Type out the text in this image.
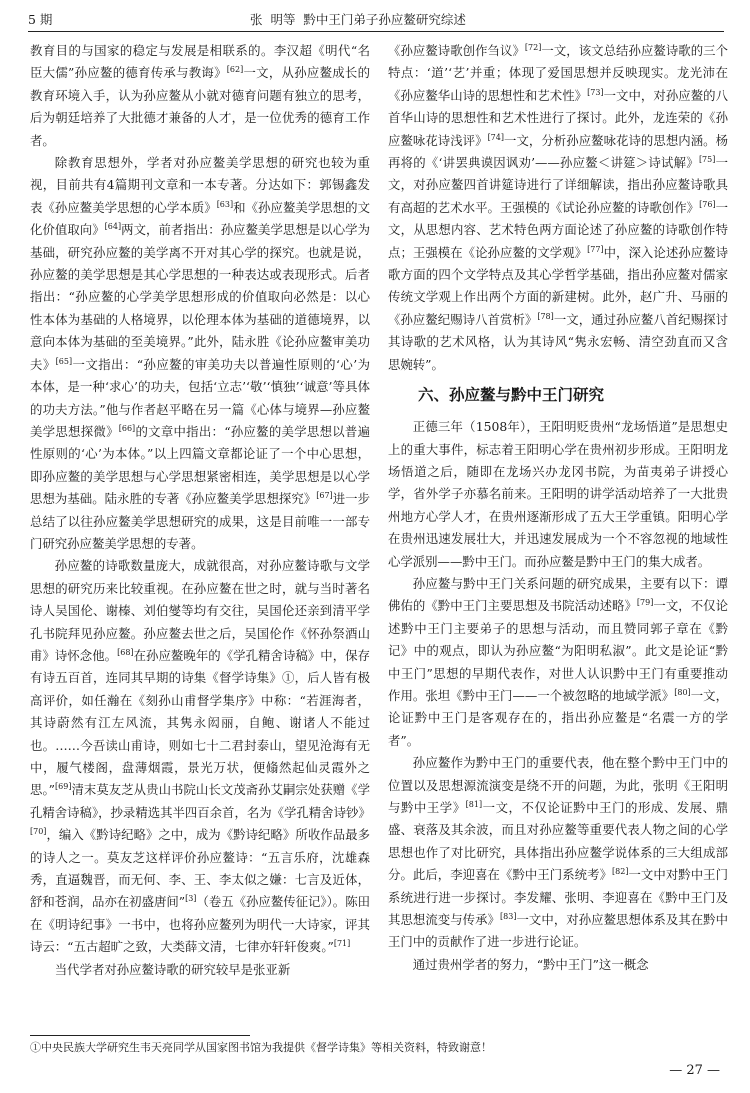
5 期	张  明等  黔中王门弟子孙应鳌研究综述

教育目的与国家的稳定与发展是相联系的。李汉超《明代“名臣大儒”孙应鳌的德育传承与教诲》[62]一文，从孙应鳌成长的教育环境入手，认为孙应鳌从小就对德育问题有独立的思考，后为朝廷培养了大批德才兼备的人才，是一位优秀的德育工作者。

除教育思想外，学者对孙应鳌美学思想的研究也较为重视，目前共有4篇期刊文章和一本专著。分达如下：郭锡鑫发表《孙应鳌美学思想的心学本质》[63]和《孙应鳌美学思想的文化价值取向》[64]两文，前者指出：孙应鳌美学思想是以心学为基础，研究孙应鳌的美学离不开对其心学的探究。也就是说，孙应鳌的美学思想是其心学思想的一种表达或表现形式。后者指出：“孙应鳌的心学美学思想形成的价值取向必然是：以心性本体为基础的人格境界，以伦理本体为基础的道德境界，以意向本体为基础的至美境界。”此外，陆永胜《论孙应鳌审美功夫》[65]一文指出：“孙应鳌的审美功夫以普遍性原则的‘心’为本体，是一种‘求心’的功夫，包括‘立志’‘敬’‘慎独’‘诚意’等具体的功夫方法。”他与作者赵平略在另一篇《心体与境界—孙应鳌美学思想探微》[66]的文章中指出：“孙应鳌的美学思想以普遍性原则的‘心’为本体。”以上四篇文章都论证了一个中心思想，即孙应鳌的美学思想与心学思想紧密相连，美学思想是以心学思想为基础。陆永胜的专著《孙应鳌美学思想探究》[67]进一步总结了以往孙应鳌美学思想研究的成果，这是目前唯一一部专门研究孙应鳌美学思想的专著。

孙应鳌的诗歌数量庞大，成就很高，对孙应鳌诗歌与文学思想的研究历来比较重视。在孙应鳌在世之时，就与当时著名诗人吴国伦、谢榛、刘伯燮等均有交往，吴国伦还亲到清平学孔书院拜见孙应鳌。孙应鳌去世之后，吴国伦作《怀孙祭酒山甫》诗怀念他。[68]在孙应鳌晚年的《学孔精舍诗稿》中，保存有诗五百首，连同其早期的诗集《督学诗集》①，后人皆有极高评价，如任瀚在《刻孙山甫督学集序》中称：“若涯海者，其诗蔚然有江左风流，其隽永闳丽，自鲍、谢诸人不能过也。……今吾读山甫诗，则如七十二君封泰山，望见沧海有无中，履气楼阁，盘薄烟霞，景光万状，便翛然起仙灵霞外之思。”[69]清末莫友芝从贵山书院山长文茂斋孙艾嗣宗处获赠《学孔精舍诗稿》，抄录精选其半四百余首，名为《学孔精舍诗钞》[70]，编入《黔诗纪略》之中，成为《黔诗纪略》所收作品最多的诗人之一。莫友芝这样评价孙应鳌诗：“五言乐府，沈雄森秀，直逼魏晋，而无何、李、王、李太似之嫌：七言及近体，舒和苍润，品亦在初盛唐间”[3]（卷五《孙应鳌传征记》）。陈田在《明诗纪事》一书中，也将孙应鳌列为明代一大诗家，评其诗云：“五古超旷之致，大类薛文清，七律亦轩轩俊爽。”[71]

当代学者对孙应鳌诗歌的研究较早是张亚新

《孙应鳌诗歌创作刍议》[72]一文，该文总结孙应鳌诗歌的三个特点：‘道’‘艺’并重；体现了爱国思想并反映现实。龙光沛在《孙应鳌华山诗的思想性和艺术性》[73]一文中，对孙应鳌的八首华山诗的思想性和艺术性进行了探讨。此外，龙连荣的《孙应鳌咏花诗浅评》[74]一文，分析孙应鳌咏花诗的思想内涵。杨再将的《‘讲罢典谟因讽劝’——孙应鳌＜讲筵＞诗试解》[75]一文，对孙应鳌四首讲筵诗进行了详细解读，指出孙应鳌诗歌具有高超的艺术水平。王强模的《试论孙应鳌的诗歌创作》[76]一文，从思想内容、艺术特色两方面论述了孙应鳌的诗歌创作特点；王强模在《论孙应鳌的文学观》[77]中，深入论述孙应鳌诗歌方面的四个文学特点及其心学哲学基础，指出孙应鳌对儒家传统文学观上作出两个方面的新建树。此外，赵广升、马丽的《孙应鳌纪赐诗八首赏析》[78]一文，通过孙应鳌八首纪赐探讨其诗歌的艺术风格，认为其诗风“隽永宏畅、清空劲直而又含思婉转”。

六、孙应鳌与黔中王门研究

正德三年（1508年），王阳明贬贵州“龙场悟道”是思想史上的重大事件，标志着王阳明心学在贵州初步形成。王阳明龙场悟道之后，随即在龙场兴办龙冈书院，为苗夷弟子讲授心学，省外学子亦慕名前来。王阳明的讲学活动培养了一大批贵州地方心学人才，在贵州逐渐形成了五大王学重镇。阳明心学在贵州迅速发展壮大，并迅速发展成为一个不容忽视的地域性心学派别——黔中王门。而孙应鳌是黔中王门的集大成者。

孙应鳌与黔中王门关系问题的研究成果，主要有以下：谭佛佑的《黔中王门主要思想及书院活动述略》[79]一文，不仅论述黔中王门主要弟子的思想与活动，而且赞同郭子章在《黔记》中的观点，即认为孙应鳌“为阳明私淑”。此文是论证“黔中王门”思想的早期代表作，对世人认识黔中王门有重要推动作用。张坦《黔中王门——一个被忽略的地域学派》[80]一文，论证黔中王门是客观存在的，指出孙应鳌是“名震一方的学者”。

孙应鳌作为黔中王门的重要代表，他在整个黔中王门中的位置以及思想源流演变是绕不开的问题，为此，张明《王阳明与黔中王学》[81]一文，不仅论证黔中王门的形成、发展、鼎盛、衰落及其余波，而且对孙应鳌等重要代表人物之间的心学思想也作了对比研究，具体指出孙应鳌学说体系的三大组成部分。此后，李迎喜在《黔中王门系统考》[82]一文中对黔中王门系统进行进一步探讨。李发耀、张明、李迎喜在《黔中王门及其思想流变与传承》[83]一文中，对孙应鳌思想体系及其在黔中王门中的贡献作了进一步进行论证。

通过贵州学者的努力，“黔中王门”这一概念

①中央民族大学研究生韦天亮同学从国家图书馆为我提供《督学诗集》等相关资料，特致谢意！
— 27 —
